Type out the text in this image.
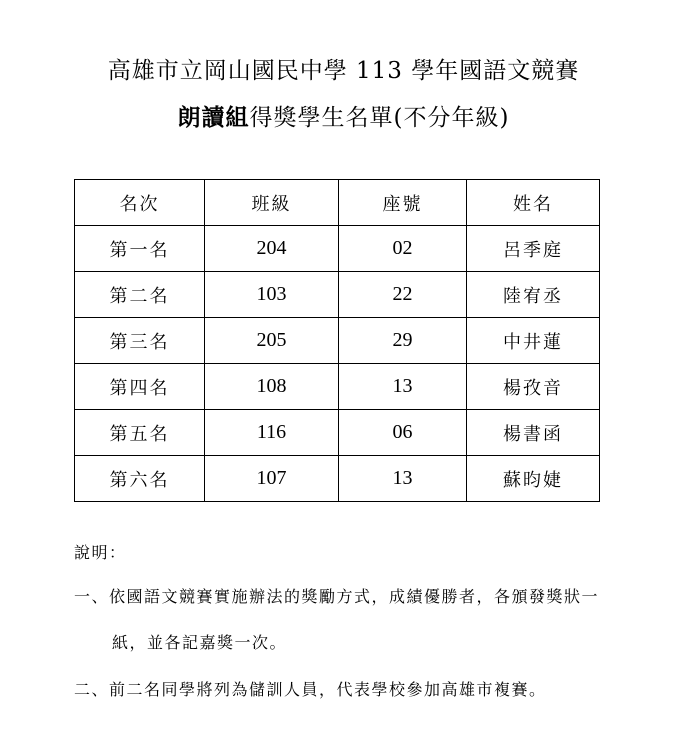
高雄市立岡山國民中學 113 學年國語文競賽
朗讀組得獎學生名單(不分年級)
名次	班級	座號	姓名
第一名	204	02	呂季庭
第二名	103	22	陸宥丞
第三名	205	29	中井蓮
第四名	108	13	楊孜音
第五名	116	06	楊書函
第六名	107	13	蘇昀婕
說明：
一、依國語文競賽實施辦法的獎勵方式，成績優勝者，各頒發獎狀一
紙，並各記嘉獎一次。
二、前二名同學將列為儲訓人員，代表學校參加高雄市複賽。
